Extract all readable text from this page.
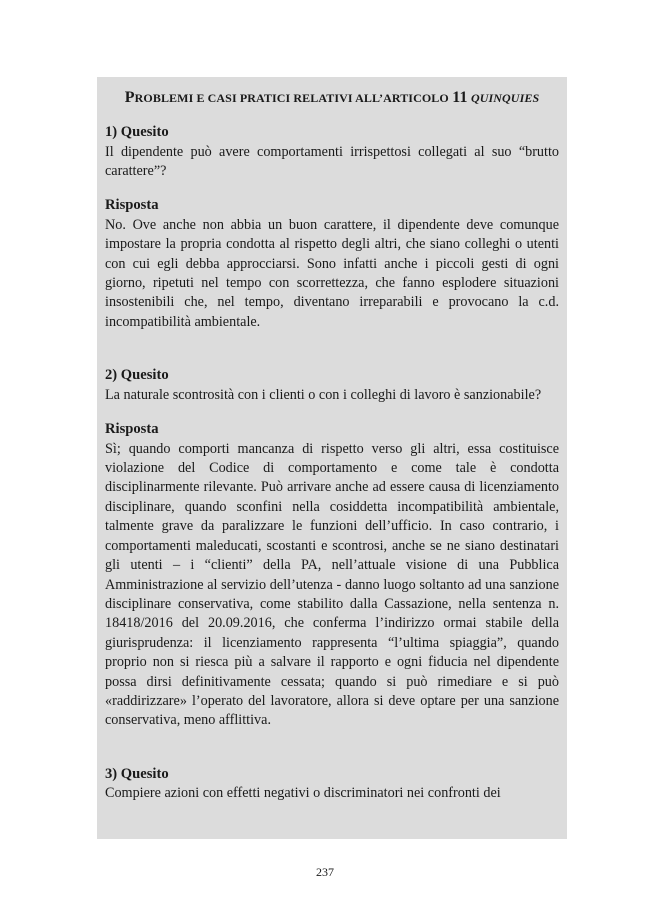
PROBLEMI E CASI PRATICI RELATIVI ALL’ARTICOLO 11 QUINQUIES

1) Quesito

Il dipendente può avere comportamenti irrispettosi collegati al suo “brutto carattere”?

Risposta

No. Ove anche non abbia un buon carattere, il dipendente deve comunque impostare la propria condotta al rispetto degli altri, che siano colleghi o utenti con cui egli debba approcciarsi. Sono infatti anche i piccoli gesti di ogni giorno, ripetuti nel tempo con scorrettezza, che fanno esplodere situazioni insostenibili che, nel tempo, diventano irreparabili e provocano la c.d. incompatibilità ambientale.

2) Quesito

La naturale scontrosità con i clienti o con i colleghi di lavoro è sanzionabile?

Risposta

Sì; quando comporti mancanza di rispetto verso gli altri, essa costituisce violazione del Codice di comportamento e come tale è condotta disciplinarmente rilevante. Può arrivare anche ad essere causa di licenziamento disciplinare, quando sconfini nella cosiddetta incompatibilità ambientale, talmente grave da paralizzare le funzioni dell’ufficio. In caso contrario, i comportamenti maleducati, scostanti e scontrosi, anche se ne siano destinatari gli utenti – i “clienti” della PA, nell’attuale visione di una Pubblica Amministrazione al servizio dell’utenza - danno luogo soltanto ad una sanzione disciplinare conservativa, come stabilito dalla Cassazione, nella sentenza n. 18418/2016 del 20.09.2016, che conferma l’indirizzo ormai stabile della giurisprudenza: il licenziamento rappresenta “l’ultima spiaggia”, quando proprio non si riesca più a salvare il rapporto e ogni fiducia nel dipendente possa dirsi definitivamente cessata; quando si può rimediare e si può «raddirizzare» l’operato del lavoratore, allora si deve optare per una sanzione conservativa, meno afflittiva.

3) Quesito

Compiere azioni con effetti negativi o discriminatori nei confronti dei

237
